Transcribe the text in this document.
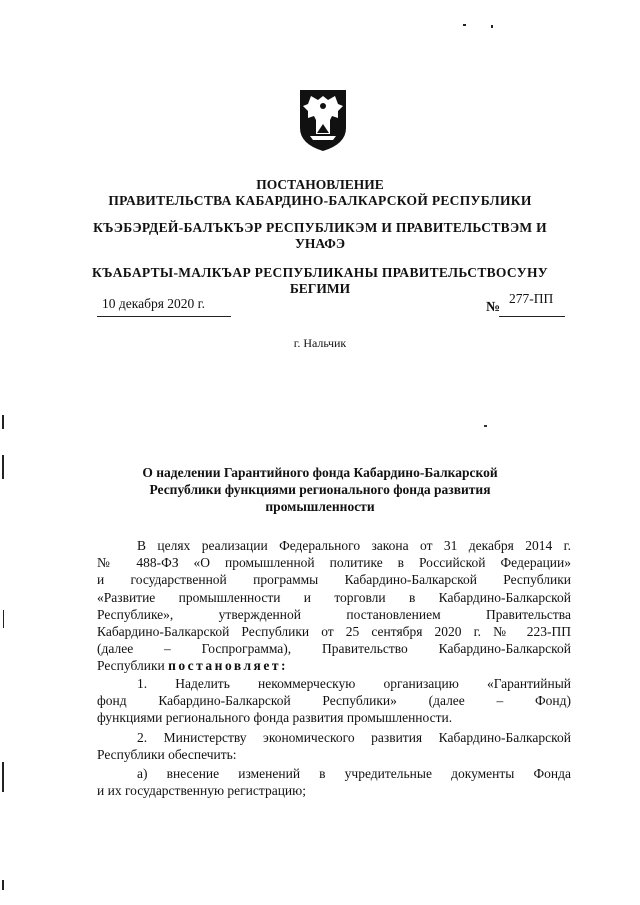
ПОСТАНОВЛЕНИЕ
ПРАВИТЕЛЬСТВА КАБАРДИНО-БАЛКАРСКОЙ РЕСПУБЛИКИ
КЪЭБЭРДЕЙ-БАЛЪКЪЭР РЕСПУБЛИКЭМ И ПРАВИТЕЛЬСТВЭМ И
УНАФЭ
КЪАБАРТЫ-МАЛКЪАР РЕСПУБЛИКАНЫ ПРАВИТЕЛЬСТВОСУНУ
БЕГИМИ
10 декабря 2020 г.	№
277-ПП
г. Нальчик
О наделении Гарантийного фонда Кабардино-Балкарской
Республики функциями регионального фонда развития
промышленности
В целях реализации Федерального закона от 31 декабря 2014 г.
№ 488-ФЗ «О промышленной политике в Российской Федерации»
и государственной программы Кабардино-Балкарской Республики
«Развитие промышленности и торговли в Кабардино-Балкарской
Республике», утвержденной постановлением Правительства
Кабардино-Балкарской Республики от 25 сентября 2020 г. № 223-ПП
(далее – Госпрограмма), Правительство Кабардино-Балкарской
Республики постановляет:
1. Наделить некоммерческую организацию «Гарантийный
фонд Кабардино-Балкарской Республики» (далее – Фонд)
функциями регионального фонда развития промышленности.
2. Министерству экономического развития Кабардино-Балкарской
Республики обеспечить:
а) внесение изменений в учредительные документы Фонда
и их государственную регистрацию;
